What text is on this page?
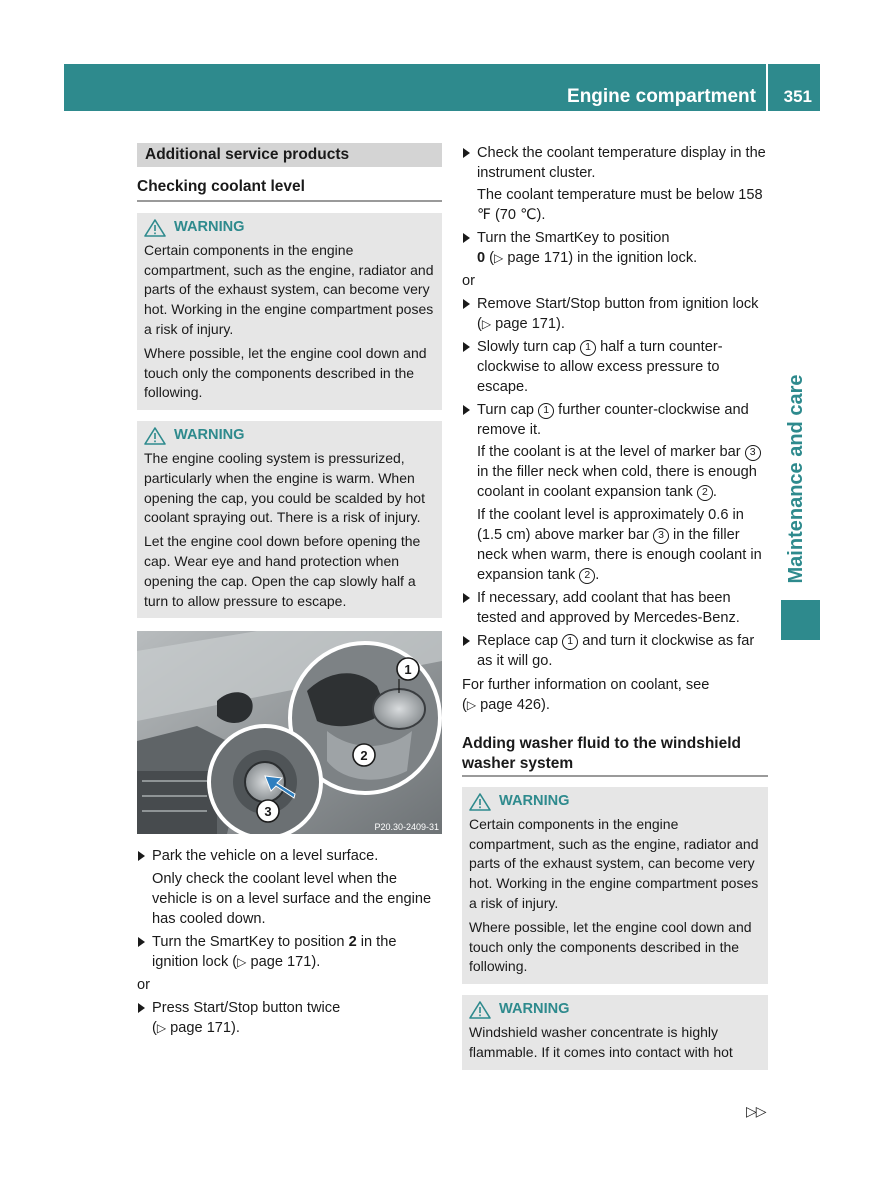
Engine compartment 351
Maintenance and care
Additional service products
Checking coolant level
WARNING

Certain components in the engine compartment, such as the engine, radiator and parts of the exhaust system, can become very hot. Working in the engine compartment poses a risk of injury.

Where possible, let the engine cool down and touch only the components described in the following.

WARNING

The engine cooling system is pressurized, particularly when the engine is warm. When opening the cap, you could be scalded by hot coolant spraying out. There is a risk of injury.

Let the engine cool down before opening the cap. Wear eye and hand protection when opening the cap. Open the cap slowly half a turn to allow pressure to escape.

1
2
3
P20.30-2409-31

Park the vehicle on a level surface.

Only check the coolant level when the vehicle is on a level surface and the engine has cooled down.

Turn the SmartKey to position 2 in the ignition lock (▷ page 171).

or

Press Start/Stop button twice
(▷ page 171).

Check the coolant temperature display in the instrument cluster.

The coolant temperature must be below 158 ℉ (70 ℃).

Turn the SmartKey to position
0 (▷ page 171) in the ignition lock.

or

Remove Start/Stop button from ignition lock (▷ page 171).

Slowly turn cap 1 half a turn counter-clockwise to allow excess pressure to escape.

Turn cap 1 further counter-clockwise and remove it.

If the coolant is at the level of marker bar 3 in the filler neck when cold, there is enough coolant in coolant expansion tank 2 .

If the coolant level is approximately 0.6 in (1.5 cm) above marker bar 3 in the filler neck when warm, there is enough coolant in expansion tank 2 .

If necessary, add coolant that has been tested and approved by Mercedes-Benz.

Replace cap 1 and turn it clockwise as far as it will go.

For further information on coolant, see
(▷ page 426).

Adding washer fluid to the windshield washer system
WARNING

Certain components in the engine compartment, such as the engine, radiator and parts of the exhaust system, can become very hot. Working in the engine compartment poses a risk of injury.

Where possible, let the engine cool down and touch only the components described in the following.

WARNING

Windshield washer concentrate is highly flammable. If it comes into contact with hot

▷▷
